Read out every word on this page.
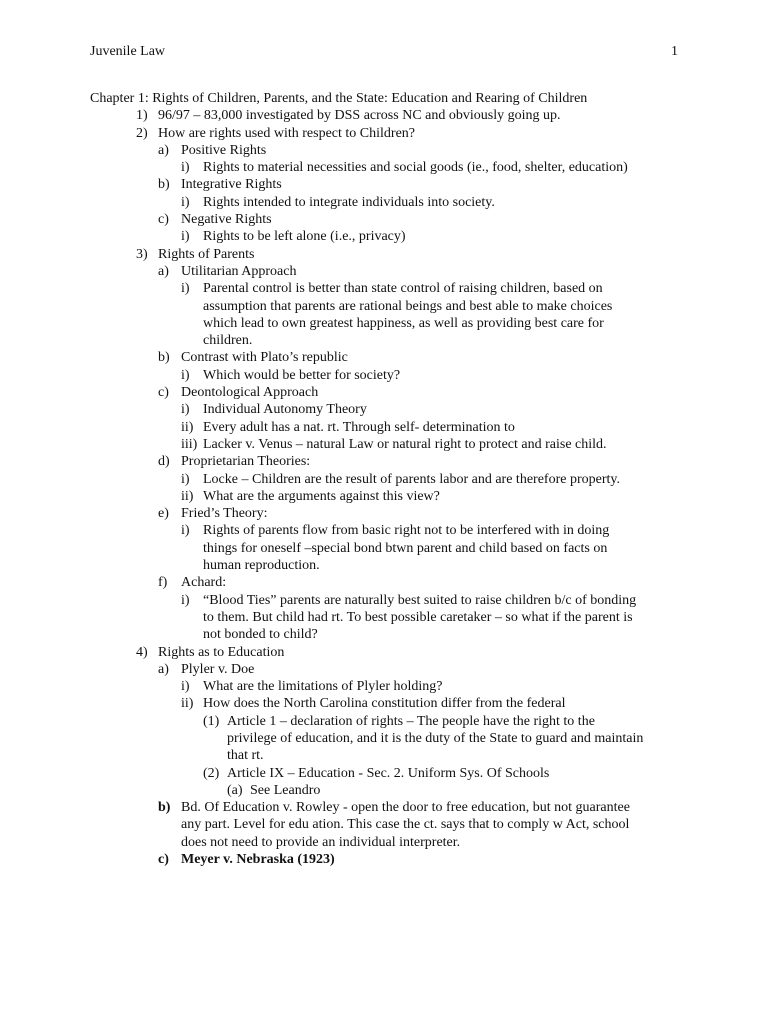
Juvenile Law	1
Chapter 1: Rights of Children, Parents, and the State: Education and Rearing of Children
1) 96/97 – 83,000 investigated by DSS across NC and obviously going up.
2) How are rights used with respect to Children?
a) Positive Rights
i) Rights to material necessities and social goods (ie., food, shelter, education)
b) Integrative Rights
i) Rights intended to integrate individuals into society.
c) Negative Rights
i) Rights to be left alone (i.e., privacy)
3) Rights of Parents
a) Utilitarian Approach
i) Parental control is better than state control of raising children, based on
assumption that parents are rational beings and best able to make choices
which lead to own greatest happiness, as well as providing best care for
children.
b) Contrast with Plato’s republic
i) Which would be better for society?
c) Deontological Approach
i) Individual Autonomy Theory
ii) Every adult has a nat. rt. Through self- determination to
iii) Lacker v. Venus – natural Law or natural right to protect and raise child.
d) Proprietarian Theories:
i) Locke – Children are the result of parents labor and are therefore property.
ii) What are the arguments against this view?
e) Fried’s Theory:
i) Rights of parents flow from basic right not to be interfered with in doing
things for oneself –special bond btwn parent and child based on facts on
human reproduction.
f) Achard:
i) “Blood Ties” parents are naturally best suited to raise children b/c of bonding
to them. But child had rt. To best possible caretaker – so what if the parent is
not bonded to child?
4) Rights as to Education
a) Plyler v. Doe
i) What are the limitations of Plyler holding?
ii) How does the North Carolina constitution differ from the federal
(1) Article 1 – declaration of rights – The people have the right to the
privilege of education, and it is the duty of the State to guard and maintain
that rt.
(2) Article IX – Education - Sec. 2. Uniform Sys. Of Schools
(a) See Leandro
b) Bd. Of Education v. Rowley - open the door to free education, but not guarantee
any part. Level for edu ation. This case the ct. says that to comply w Act, school
does not need to provide an individual interpreter.
c) Meyer v. Nebraska (1923)
